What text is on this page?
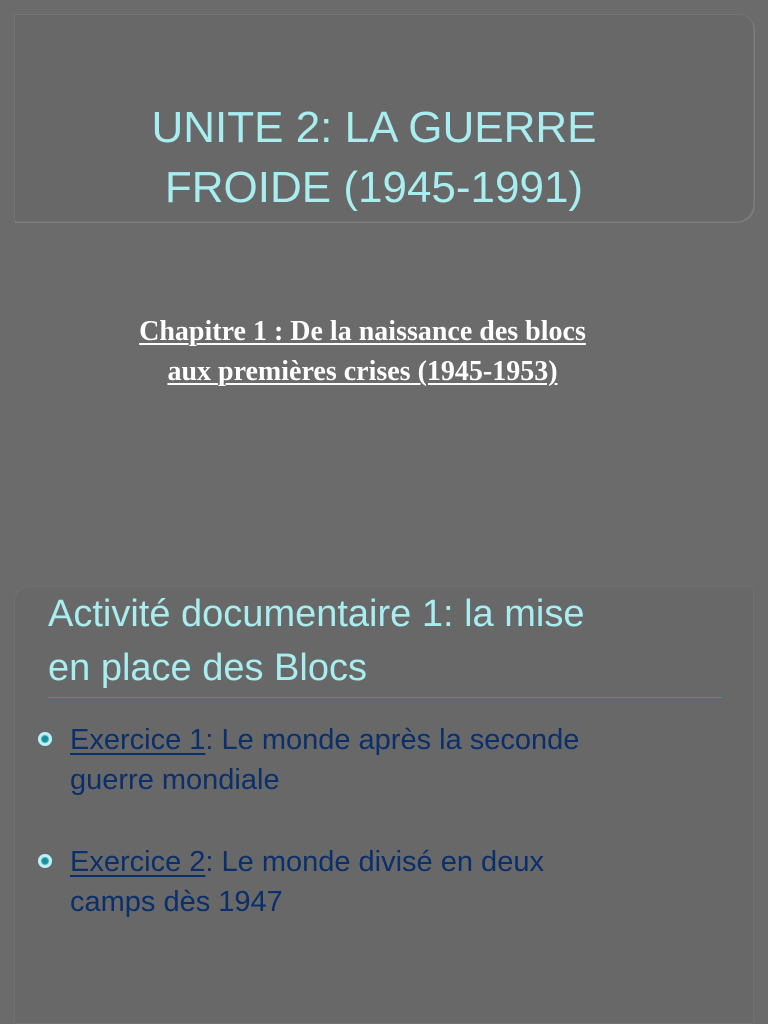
UNITE 2: LA GUERRE
FROIDE (1945-1991)
Chapitre 1 : De la naissance des blocs
aux premières crises (1945-1953)
Activité documentaire 1: la mise
en place des Blocs
Exercice 1: Le monde après la seconde
guerre mondiale
Exercice 2: Le monde divisé en deux
camps dès 1947
